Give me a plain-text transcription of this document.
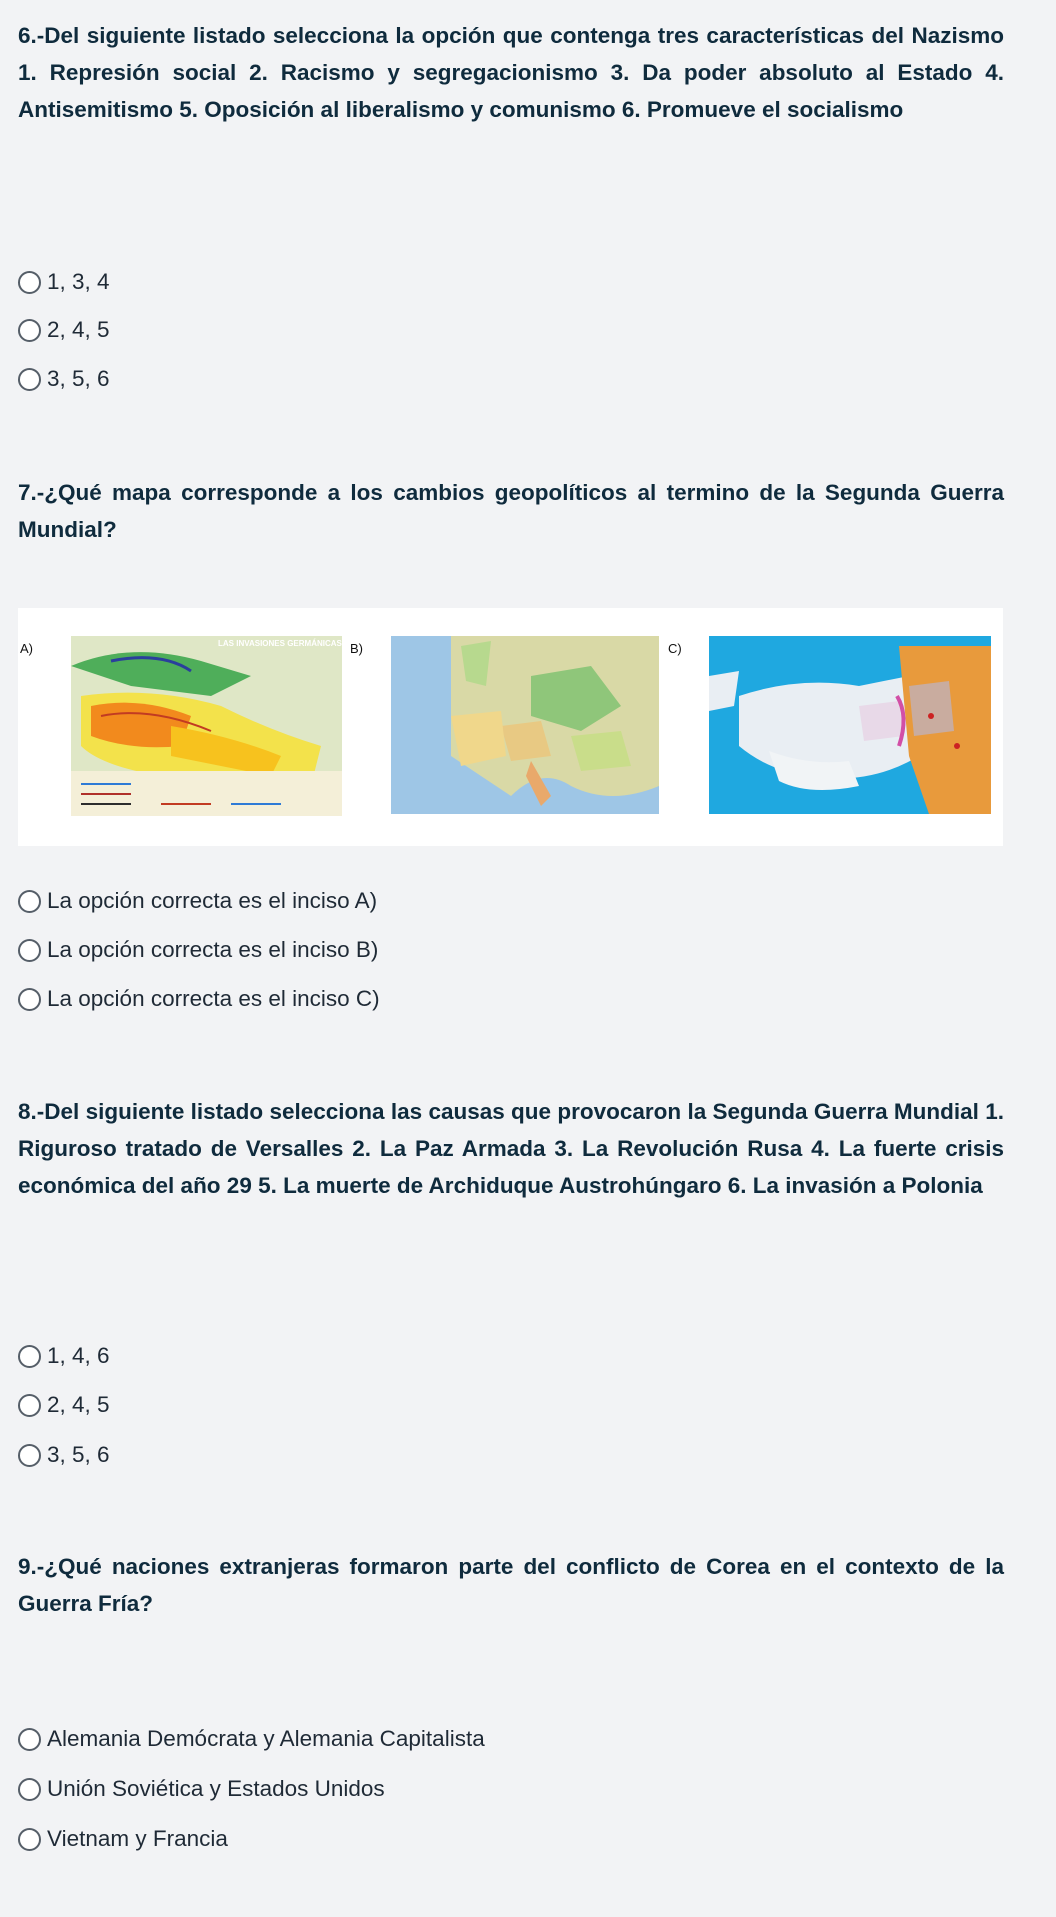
6.-Del siguiente listado selecciona la opción que contenga tres características del Nazismo 1. Represión social 2. Racismo y segregacionismo 3. Da poder absoluto al Estado 4. Antisemitismo 5. Oposición al liberalismo y comunismo 6. Promueve el socialismo

1, 3, 4
2, 4, 5
3, 5, 6

7.-¿Qué mapa corresponde a los cambios geopolíticos al termino de la Segunda Guerra Mundial?

A)	LAS INVASIONES GERMÁNICAS B)	C)
La opción correcta es el inciso A)
La opción correcta es el inciso B)
La opción correcta es el inciso C)

8.-Del siguiente listado selecciona las causas que provocaron la Segunda Guerra Mundial 1. Riguroso tratado de Versalles 2. La Paz Armada 3. La Revolución Rusa 4. La fuerte crisis económica del año 29 5. La muerte de Archiduque Austrohúngaro 6. La invasión a Polonia

1, 4, 6
2, 4, 5
3, 5, 6

9.-¿Qué naciones extranjeras formaron parte del conflicto de Corea en el contexto de la Guerra Fría?

Alemania Demócrata y Alemania Capitalista
Unión Soviética y Estados Unidos
Vietnam y Francia
